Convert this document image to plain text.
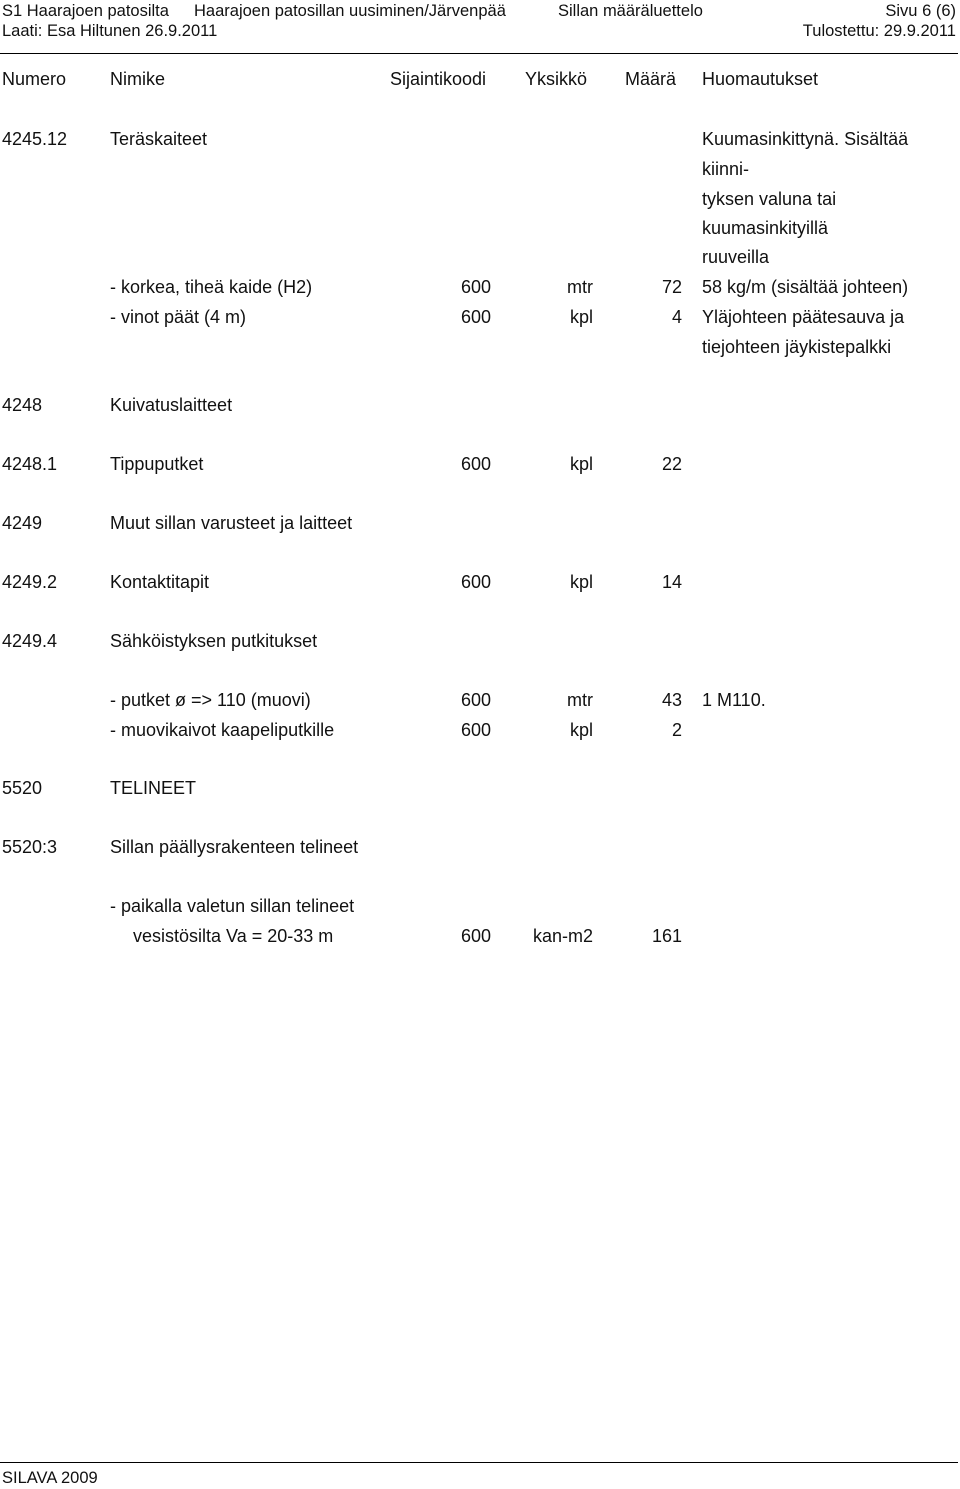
S1 Haarajoen patosilta Haarajoen patosillan uusiminen/Järvenpää	Sillan määräluettelo	Sivu 6 (6)
Laati: Esa Hiltunen 26.9.2011	Tulostettu: 29.9.2011
Numero Nimike	Sijaintikoodi Yksikkö Määrä Huomautukset
4245.12 Teräskaiteet	Kuumasinkittynä. Sisältää
kiinni-
tyksen valuna tai
kuumasinkityillä
ruuveilla
- korkea, tiheä kaide (H2)	600	mtr	72 58 kg/m (sisältää johteen)
- vinot päät (4 m)	600	kpl	4 Yläjohteen päätesauva ja
tiejohteen jäykistepalkki
4248	Kuivatuslaitteet
4248.1	Tippuputket	600	kpl	22
4249	Muut sillan varusteet ja laitteet
4249.2	Kontaktitapit	600	kpl	14
4249.4	Sähköistyksen putkitukset
- putket ø => 110 (muovi)	600	mtr	43 1 M110.
- muovikaivot kaapeliputkille	600	kpl	2
5520	TELINEET
5520:3	Sillan päällysrakenteen telineet
- paikalla valetun sillan telineet
vesistösilta Va = 20-33 m	600	kan-m2	161
SILAVA 2009
